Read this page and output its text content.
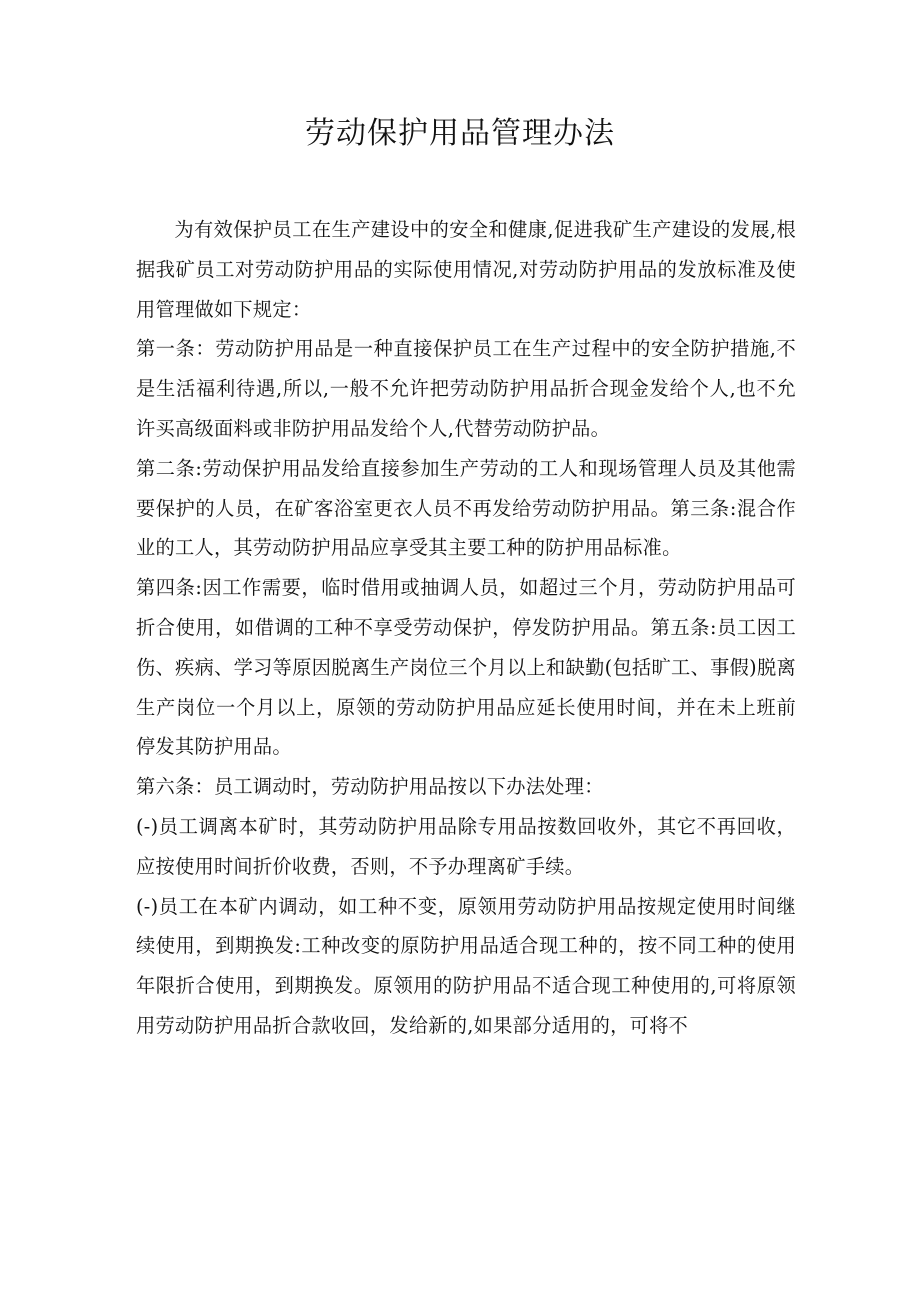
劳动保护用品管理办法

为有效保护员工在生产建设中的安全和健康,促进我矿生产建设的发展,根据我矿员工对劳动防护用品的实际使用情况,对劳动防护用品的发放标准及使用管理做如下规定：

第一条：劳动防护用品是一种直接保护员工在生产过程中的安全防护措施,不是生活福利待遇,所以,一般不允许把劳动防护用品折合现金发给个人,也不允许买高级面料或非防护用品发给个人,代替劳动防护品。

第二条:劳动保护用品发给直接参加生产劳动的工人和现场管理人员及其他需要保护的人员，在矿客浴室更衣人员不再发给劳动防护用品。第三条:混合作业的工人，其劳动防护用品应享受其主要工种的防护用品标准。

第四条:因工作需要，临时借用或抽调人员，如超过三个月，劳动防护用品可折合使用，如借调的工种不享受劳动保护，停发防护用品。第五条:员工因工伤、疾病、学习等原因脱离生产岗位三个月以上和缺勤(包括旷工、事假)脱离生产岗位一个月以上，原领的劳动防护用品应延长使用时间，并在未上班前停发其防护用品。

第六条：员工调动时，劳动防护用品按以下办法处理：

(-)员工调离本矿时，其劳动防护用品除专用品按数回收外，其它不再回收，应按使用时间折价收费，否则，不予办理离矿手续。

(-)员工在本矿内调动，如工种不变，原领用劳动防护用品按规定使用时间继续使用，到期换发:工种改变的原防护用品适合现工种的，按不同工种的使用年限折合使用，到期换发。原领用的防护用品不适合现工种使用的,可将原领用劳动防护用品折合款收回，发给新的,如果部分适用的，可将不
